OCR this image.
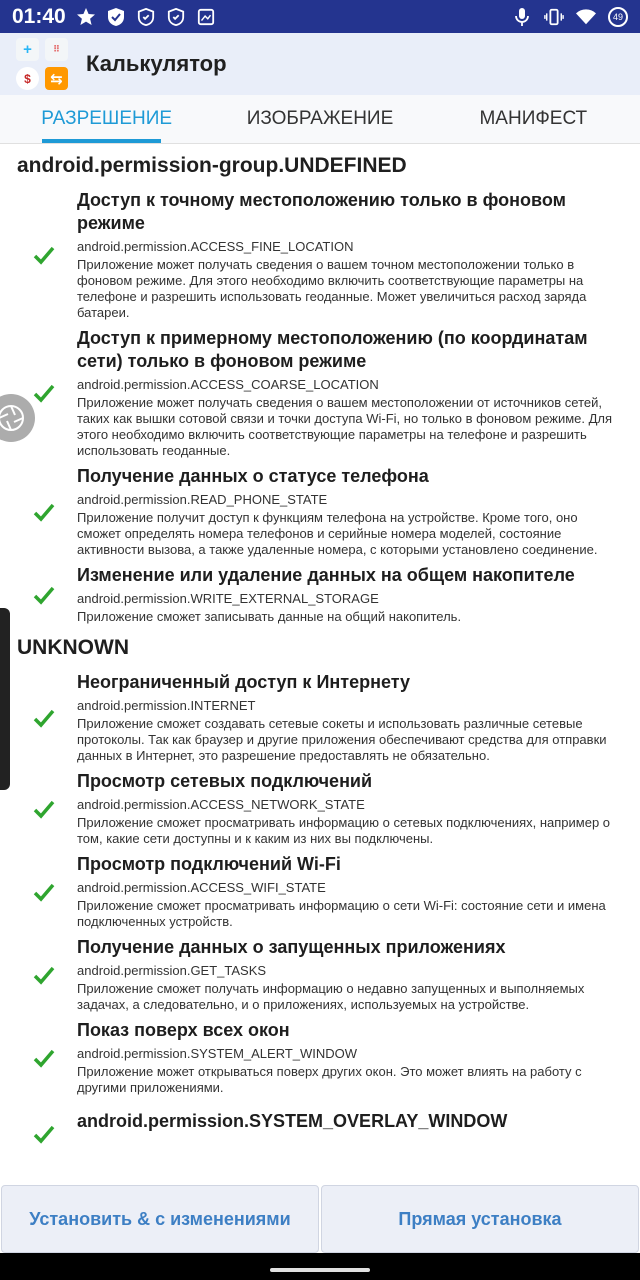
01:40	49
+	⠿
$	⇆
Калькулятор
РАЗРЕШЕНИЕ	ИЗОБРАЖЕНИЕ	МАНИФЕСТ
android.permission-group.UNDEFINED
Доступ к точному местоположению только в фоновом режиме
android.permission.ACCESS_FINE_LOCATION
Приложение может получать сведения о вашем точном местоположении только в фоновом режиме. Для этого необходимо включить соответствующие параметры на телефоне и разрешить использовать геоданные. Может увеличиться расход заряда батареи.
Доступ к примерному местоположению (по координатам сети) только в фоновом режиме
android.permission.ACCESS_COARSE_LOCATION
Приложение может получать сведения о вашем местоположении от источников сетей, таких как вышки сотовой связи и точки доступа Wi-Fi, но только в фоновом режиме. Для этого необходимо включить соответствующие параметры на телефоне и разрешить использовать геоданные.
Получение данных о статусе телефона
android.permission.READ_PHONE_STATE
Приложение получит доступ к функциям телефона на устройстве. Кроме того, оно сможет определять номера телефонов и серийные номера моделей, состояние активности вызова, а также удаленные номера, с которыми установлено соединение.
Изменение или удаление данных на общем накопителе
android.permission.WRITE_EXTERNAL_STORAGE
Приложение сможет записывать данные на общий накопитель.
UNKNOWN
Неограниченный доступ к Интернету
android.permission.INTERNET
Приложение сможет создавать сетевые сокеты и использовать различные сетевые протоколы. Так как браузер и другие приложения обеспечивают средства для отправки данных в Интернет, это разрешение предоставлять не обязательно.
Просмотр сетевых подключений
android.permission.ACCESS_NETWORK_STATE
Приложение сможет просматривать информацию о сетевых подключениях, например о том, какие сети доступны и к каким из них вы подключены.
Просмотр подключений Wi-Fi
android.permission.ACCESS_WIFI_STATE
Приложение сможет просматривать информацию о сети Wi-Fi: состояние сети и имена подключенных устройств.
Получение данных о запущенных приложениях
android.permission.GET_TASKS
Приложение сможет получать информацию о недавно запущенных и выполняемых задачах, а следовательно, и о приложениях, используемых на устройстве.
Показ поверх всех окон
android.permission.SYSTEM_ALERT_WINDOW
Приложение может открываться поверх других окон. Это может влиять на работу с другими приложениями.
android.permission.SYSTEM_OVERLAY_WINDOW
Установить & с изменениями	Прямая установка
